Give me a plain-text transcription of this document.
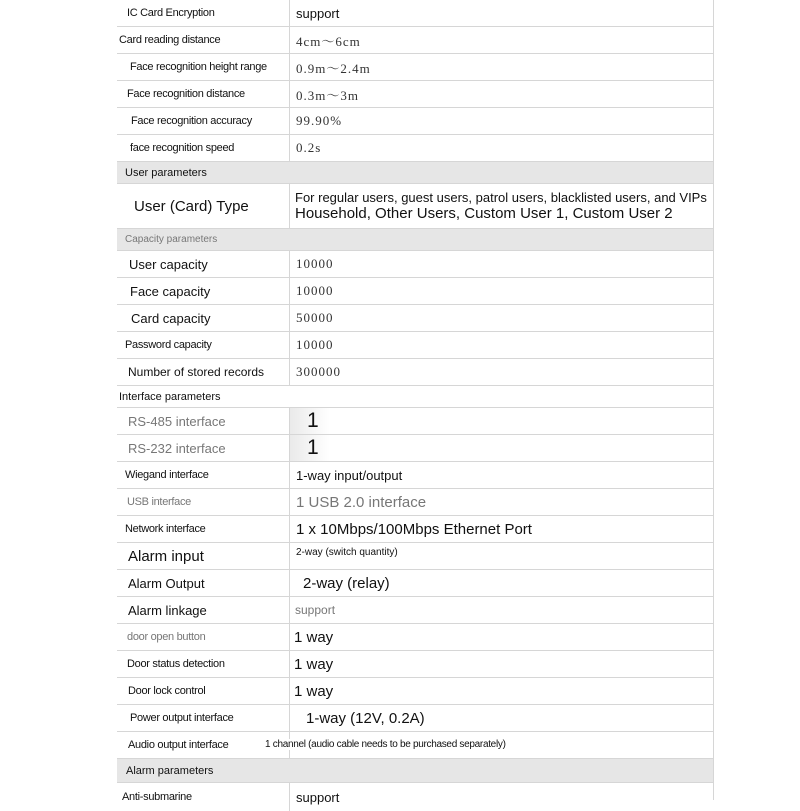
IC Card Encryption	support
Card reading distance	4cm～6cm
Face recognition height range	0.9m～2.4m
Face recognition distance	0.3m～3m
Face recognition accuracy	99.90%
face recognition speed	0.2s
User parameters
User (Card) Type	For regular users, guest users, patrol users, blacklisted users, and VIPs
Household, Other Users, Custom User 1, Custom User 2
Capacity parameters
User capacity	10000
Face capacity	10000
Card capacity	50000
Password capacity	10000
Number of stored records	300000
Interface parameters
RS-485 interface	1
RS-232 interface	1
Wiegand interface	1-way input/output
USB interface	1 USB 2.0 interface
Network interface	1 x 10Mbps/100Mbps Ethernet Port
Alarm input	2-way (switch quantity)
Alarm Output	2-way (relay)
Alarm linkage	support
door open button	1 way
Door status detection	1 way
Door lock control	1 way
Power output interface	1-way (12V, 0.2A)
Audio output interface	1 channel (audio cable needs to be purchased separately)
Alarm parameters
Anti-submarine	support
